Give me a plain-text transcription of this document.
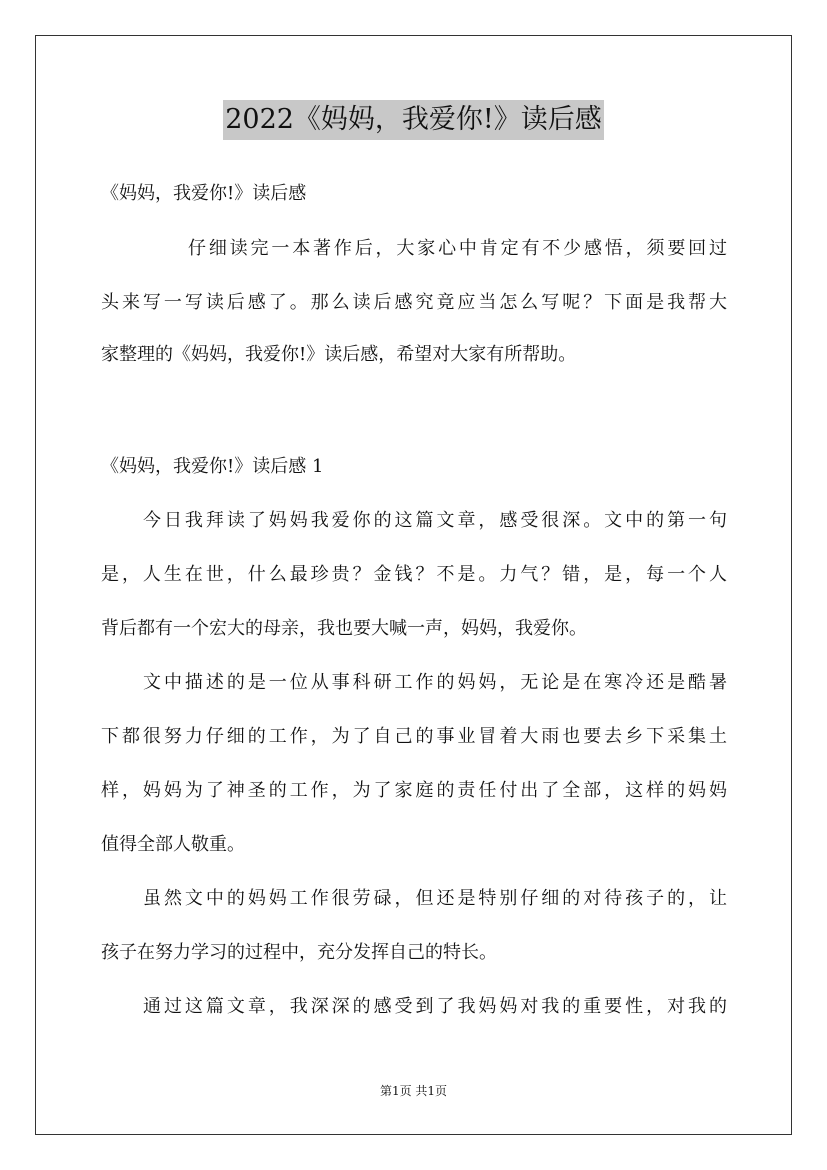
2022《妈妈，我爱你!》读后感
《妈妈，我爱你!》读后感
仔细读完一本著作后，大家心中肯定有不少感悟，须要回过
头来写一写读后感了。那么读后感究竟应当怎么写呢？下面是我帮大
家整理的《妈妈，我爱你!》读后感，希望对大家有所帮助。
《妈妈，我爱你!》读后感 1
今日我拜读了妈妈我爱你的这篇文章，感受很深。文中的第一句
是，人生在世，什么最珍贵？金钱？不是。力气？错，是，每一个人
背后都有一个宏大的母亲，我也要大喊一声，妈妈，我爱你。
文中描述的是一位从事科研工作的妈妈，无论是在寒冷还是酷暑
下都很努力仔细的工作，为了自己的事业冒着大雨也要去乡下采集土
样，妈妈为了神圣的工作，为了家庭的责任付出了全部，这样的妈妈
值得全部人敬重。
虽然文中的妈妈工作很劳碌，但还是特别仔细的对待孩子的，让
孩子在努力学习的过程中，充分发挥自己的特长。
通过这篇文章，我深深的感受到了我妈妈对我的重要性，对我的
第1页 共1页
